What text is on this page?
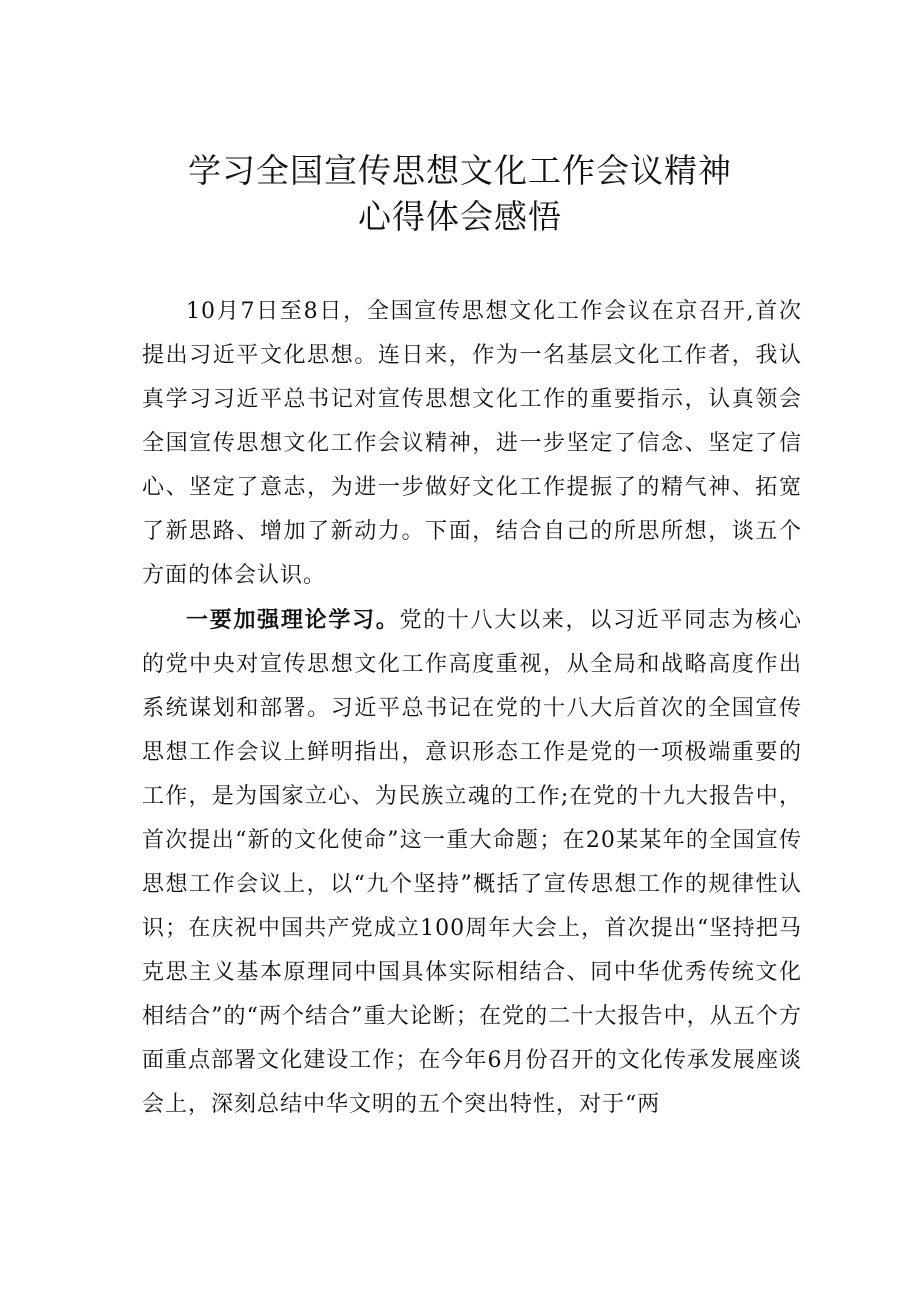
学习全国宣传思想文化工作会议精神
心得体会感悟

10月7日至8日，全国宣传思想文化工作会议在京召开,首次提出习近平文化思想。连日来，作为一名基层文化工作者，我认真学习习近平总书记对宣传思想文化工作的重要指示，认真领会全国宣传思想文化工作会议精神，进一步坚定了信念、坚定了信心、坚定了意志，为进一步做好文化工作提振了的精气神、拓宽了新思路、增加了新动力。下面，结合自己的所思所想，谈五个方面的体会认识。

一要加强理论学习。党的十八大以来，以习近平同志为核心的党中央对宣传思想文化工作高度重视，从全局和战略高度作出系统谋划和部署。习近平总书记在党的十八大后首次的全国宣传思想工作会议上鲜明指出，意识形态工作是党的一项极端重要的工作，是为国家立心、为民族立魂的工作;在党的十九大报告中，首次提出“新的文化使命”这一重大命题；在20某某年的全国宣传思想工作会议上，以“九个坚持”概括了宣传思想工作的规律性认识；在庆祝中国共产党成立100周年大会上，首次提出“坚持把马克思主义基本原理同中国具体实际相结合、同中华优秀传统文化相结合”的“两个结合”重大论断；在党的二十大报告中，从五个方面重点部署文化建设工作；在今年6月份召开的文化传承发展座谈会上，深刻总结中华文明的五个突出特性，对于“两
